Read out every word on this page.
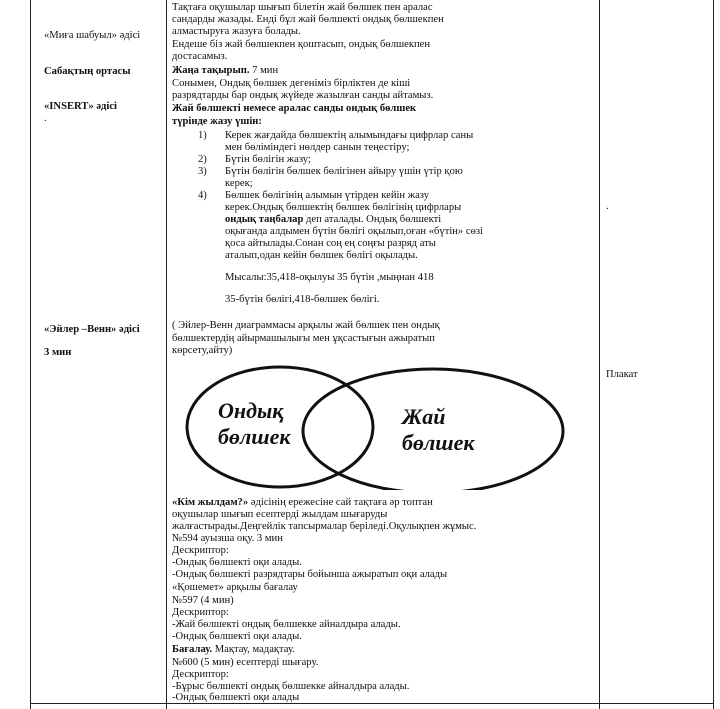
«Миға шабуыл» әдісі
Сабақтың ортасы
«INSERT» әдісі
.
«Эйлер –Венн» әдісі
3 мин
Тақтаға оқушылар шығып білетін жай бөлшек пен аралас
сандарды жазады. Енді бұл жай бөлшекті ондық бөлшекпен
алмастыруға жазуға болады.
Ендеше біз жай бөлшекпен қоштасып, ондық бөлшекпен
достасамыз.
Жаңа тақырып. 7 мин
Сонымен, Ондық бөлшек дегеніміз бірліктен де кіші
разрядтарды бар ондық жүйеде жазылған санды айтамыз.
Жай бөлшекті немесе аралас санды ондық бөлшек
түрінде жазу үшін:
1) Керек жағдайда бөлшектің алымындағы цифрлар саны
мен бөліміндегі нөлдер санын теңестіру;
2) Бүтін бөлігін жазу;
3) Бүтін бөлігін бөлшек бөлігінен айыру үшін үтір қою
керек;
4) Бөлшек бөлігінің алымын үтірден кейін жазу
керек.Ондық бөлшектің бөлшек бөлігінің цифрлары
ондық таңбалар деп аталады. Ондық бөлшекті
оқығанда алдымен бүтін бөлігі оқылып,оған «бүтін» сөзі
қоса айтылады.Сонан соң ең соңғы разряд аты
аталып,одан кейін бөлшек бөлігі оқылады.
Мысалы:35,418-оқылуы 35 бүтін ,мыңнан 418
35-бүтін бөлігі,418-бөлшек бөлігі.
( Эйлер-Венн диаграммасы арқылы жай бөлшек пен ондық
бөлшектердің айырмашылығы мен ұқсастығын ажыратып
көрсету,айту)
Ондық
бөлшек
Жай
бөлшек
«Кім жылдам?» әдісінің ережесіне сай тақтаға әр топтан
оқушылар шығып есептерді жылдам шығаруды
жалғастырады.Деңгейлік тапсырмалар беріледі.Оқулықпен жұмыс.
№594 ауызша оқу. 3 мин
Дескриптор:
-Ондық бөлшекті оқи алады.
-Ондық бөлшекті разрядтары бойынша ажыратып оқи алады
«Қошемет» арқылы бағалау
№597 (4 мин)
Дескриптор:
-Жай бөлшекті ондық бөлшекке айналдыра алады.
-Ондық бөлшекті оқи алады.
Бағалау. Мақтау, мадақтау.
№600 (5 мин) есептерді шығару.
Дескриптор:
-Бұрыс бөлшекті ондық бөлшекке айналдыра алады.
-Ондық бөлшекті оқи алады
.
Плакат
